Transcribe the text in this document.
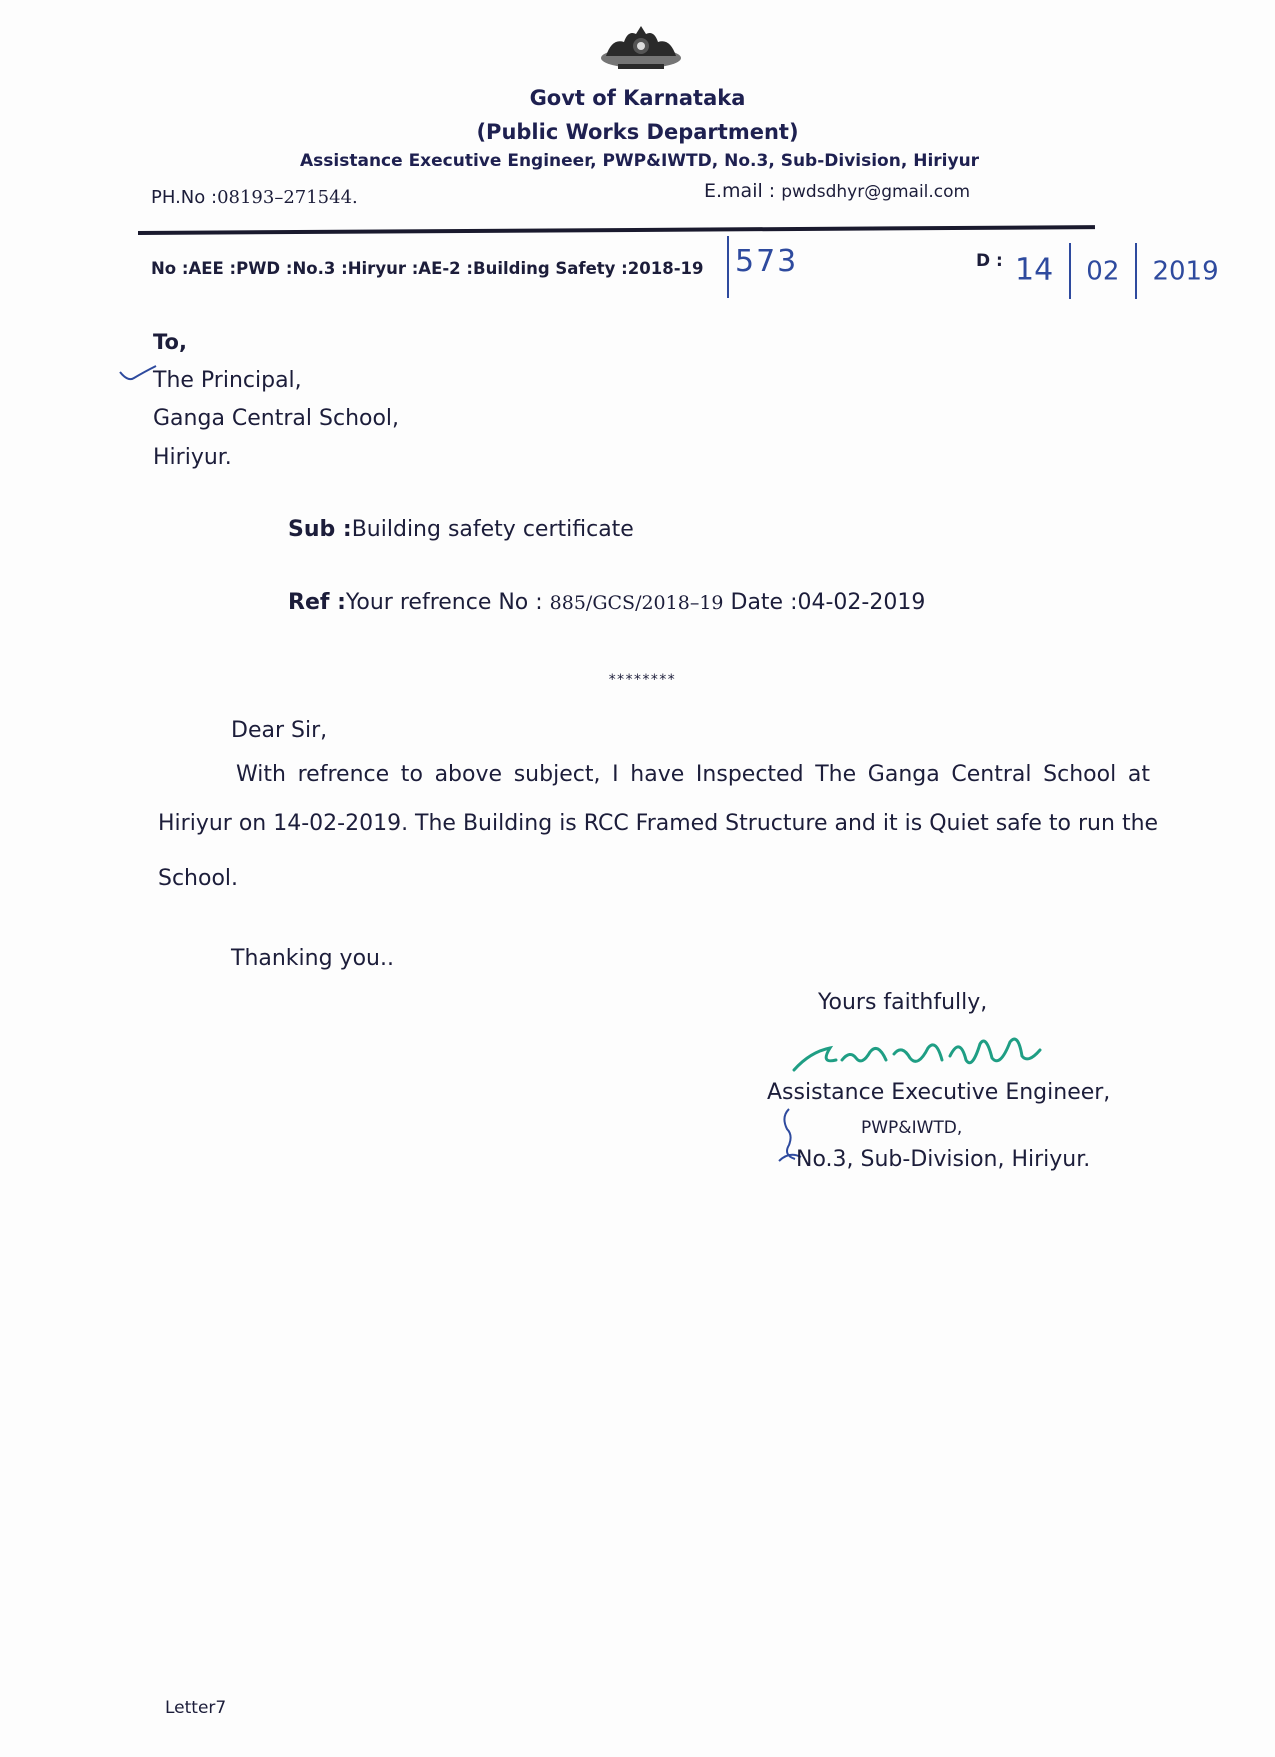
Govt of Karnataka
(Public Works Department)
Assistance Executive Engineer, PWP&IWTD, No.3, Sub-Division, Hiriyur
PH.No :08193–271544.	E.mail : pwdsdhyr@gmail.com
No :AEE :PWD :No.3 :Hiryur :AE-2 :Building Safety :2018-19 573	D : 14 02 2019
To,
The Principal,
Ganga Central School,
Hiriyur.
Sub :Building safety certificate
Ref :Your refrence No : 885/GCS/2018–19 Date :04-02-2019
********
Dear Sir,
With refrence to above subject, I have Inspected The Ganga Central School at
Hiriyur on 14-02-2019. The Building is RCC Framed Structure and it is Quiet safe to run the
School.
Thanking you..
Yours faithfully,
Assistance Executive Engineer,
PWP&IWTD,
No.3, Sub-Division, Hiriyur.
Letter7
